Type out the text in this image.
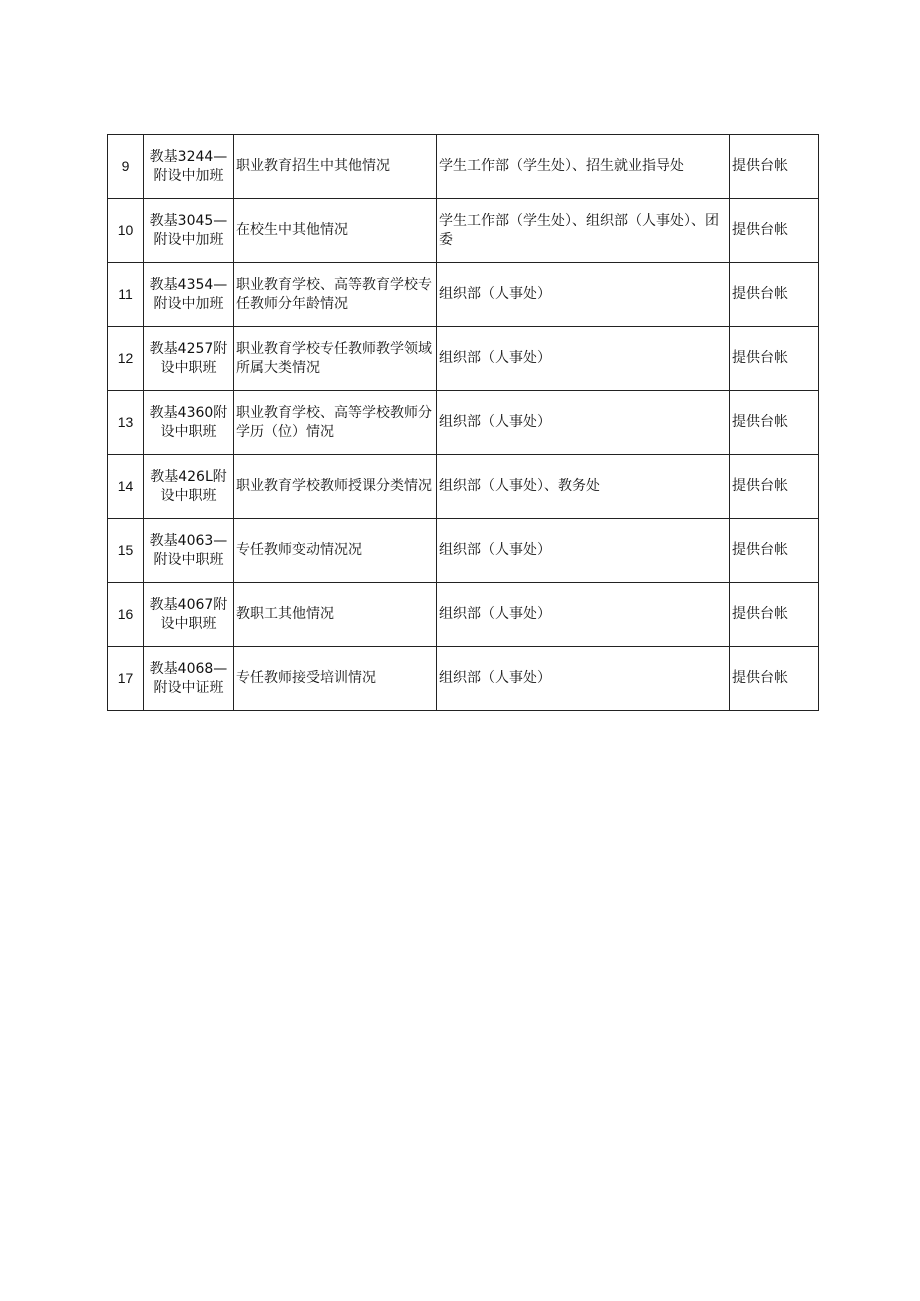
9	教基3244—附设中加班	职业教育招生中其他情况	学生工作部（学生处）、招生就业指导处	提供台帐
10	教基3045—附设中加班	在校生中其他情况	学生工作部（学生处）、组织部（人事处）、团委	提供台帐
11	教基4354—附设中加班	职业教育学校、高等教育学校专任教师分年龄情况	组织部（人事处）	提供台帐
12	教基4257附设中职班	职业教育学校专任教师教学领域所属大类情况	组织部（人事处）	提供台帐
13	教基4360附设中职班	职业教育学校、高等学校教师分学历（位）情况	组织部（人事处）	提供台帐
14	教基426L附设中职班	职业教育学校教师授课分类情况	组织部（人事处）、教务处	提供台帐
15	教基4063—附设中职班	专任教师变动情况况	组织部（人事处）	提供台帐
16	教基4067附设中职班	教职工其他情况	组织部（人事处）	提供台帐
17	教基4068—附设中证班	专任教师接受培训情况	组织部（人事处）	提供台帐
